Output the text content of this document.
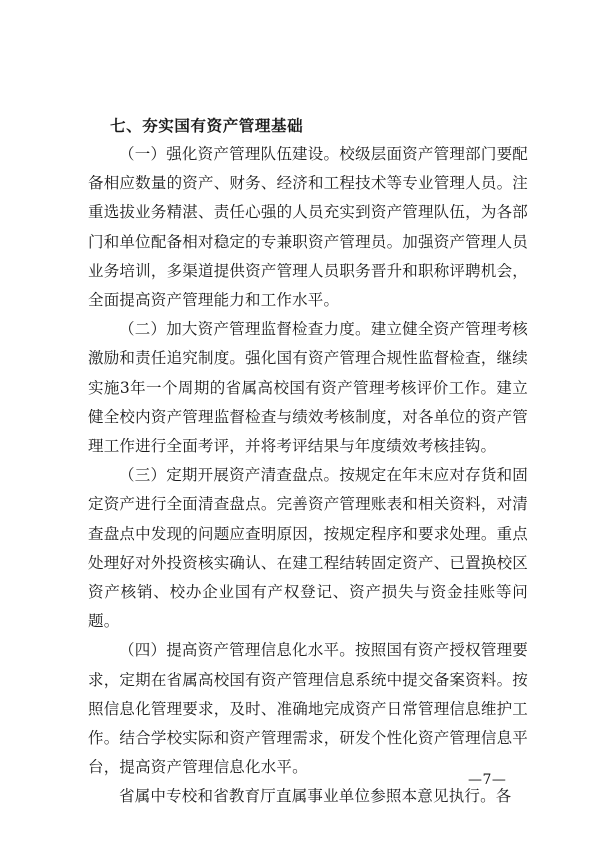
七、夯实国有资产管理基础

（一）强化资产管理队伍建设。校级层面资产管理部门要配备相应数量的资产、财务、经济和工程技术等专业管理人员。注重选拔业务精湛、责任心强的人员充实到资产管理队伍，为各部门和单位配备相对稳定的专兼职资产管理员。加强资产管理人员业务培训，多渠道提供资产管理人员职务晋升和职称评聘机会，全面提高资产管理能力和工作水平。

（二）加大资产管理监督检查力度。建立健全资产管理考核激励和责任追究制度。强化国有资产管理合规性监督检查，继续实施3年一个周期的省属高校国有资产管理考核评价工作。建立健全校内资产管理监督检查与绩效考核制度，对各单位的资产管理工作进行全面考评，并将考评结果与年度绩效考核挂钩。

（三）定期开展资产清查盘点。按规定在年末应对存货和固定资产进行全面清查盘点。完善资产管理账表和相关资料，对清查盘点中发现的问题应查明原因，按规定程序和要求处理。重点处理好对外投资核实确认、在建工程结转固定资产、已置换校区资产核销、校办企业国有产权登记、资产损失与资金挂账等问题。

（四）提高资产管理信息化水平。按照国有资产授权管理要求，定期在省属高校国有资产管理信息系统中提交备案资料。按照信息化管理要求，及时、准确地完成资产日常管理信息维护工作。结合学校实际和资产管理需求，研发个性化资产管理信息平台，提高资产管理信息化水平。

省属中专校和省教育厅直属事业单位参照本意见执行。各

—7—
